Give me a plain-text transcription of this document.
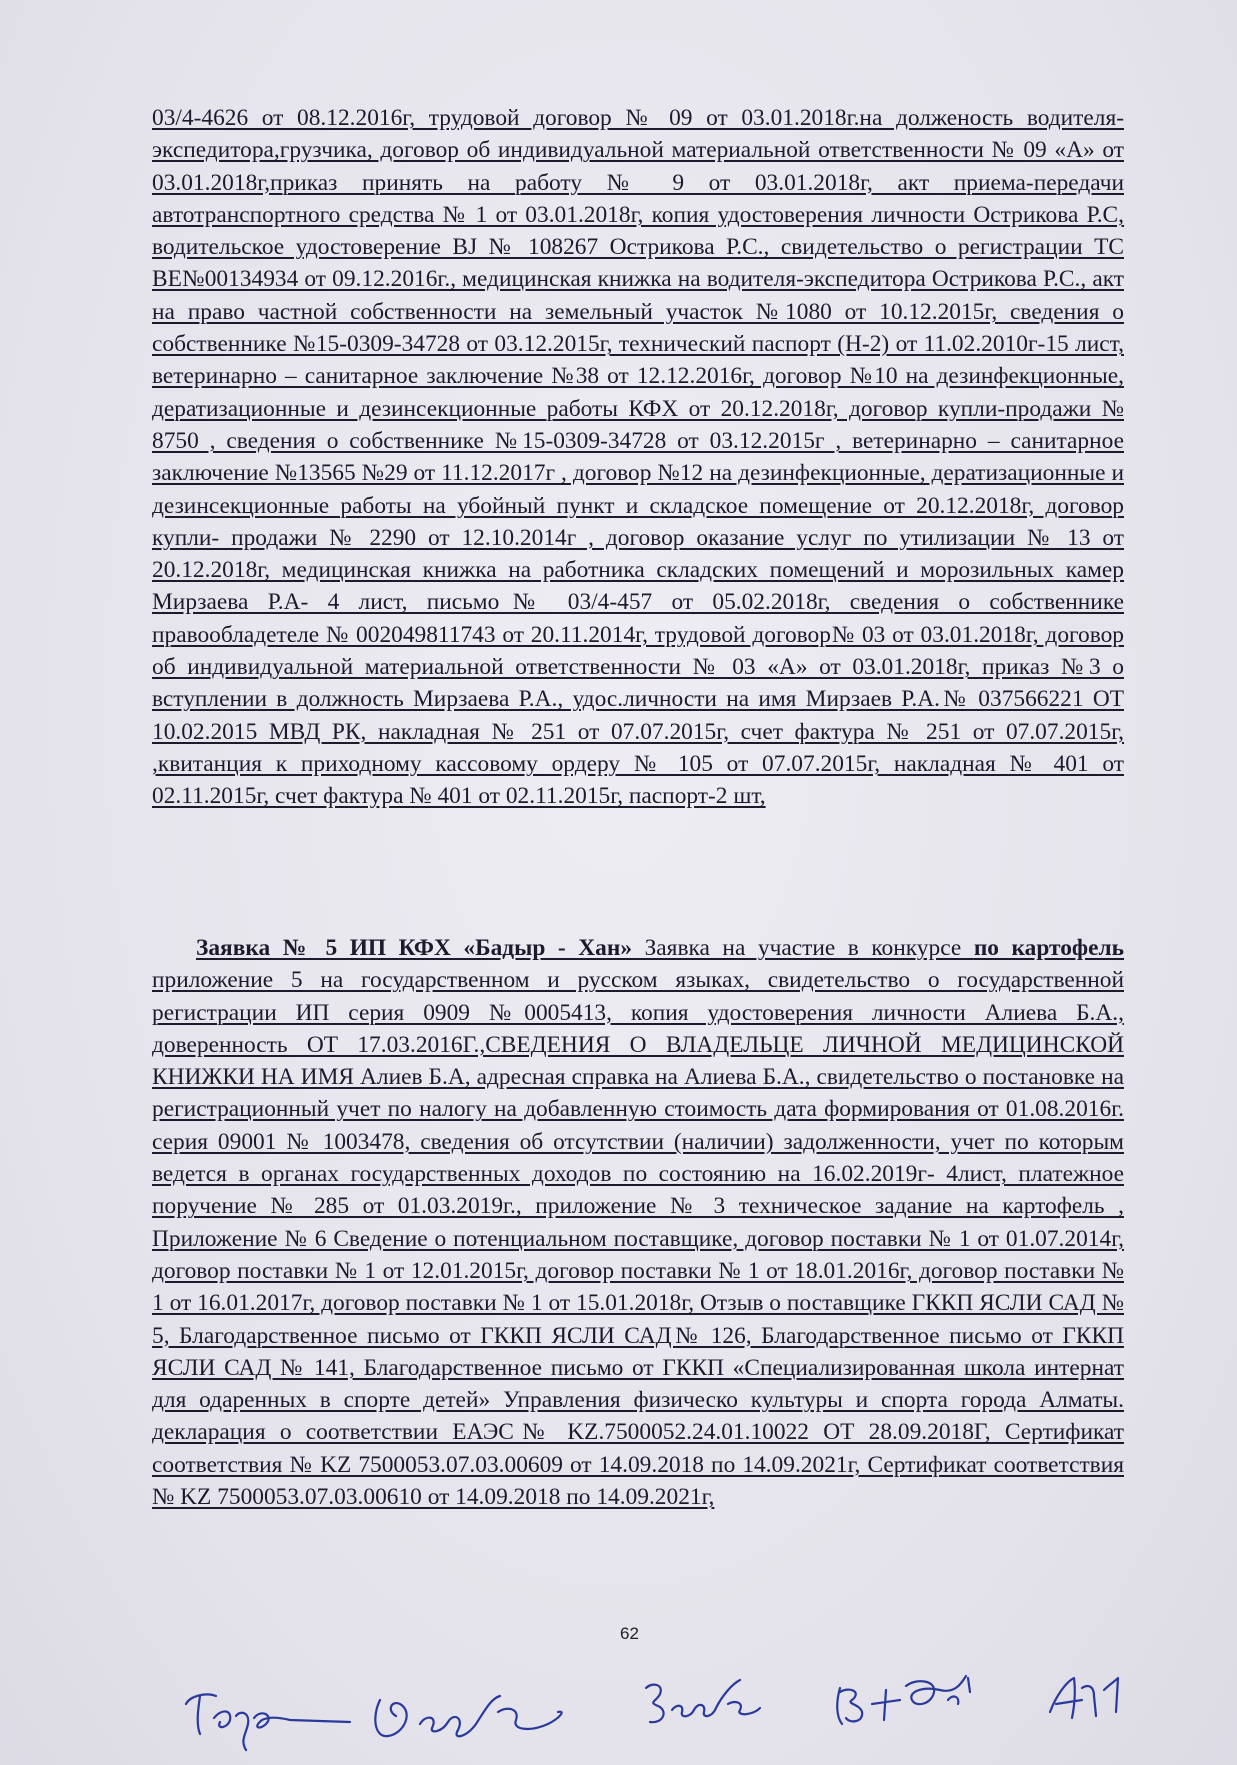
03/4-4626 от 08.12.2016г, трудовой договор № 09 от 03.01.2018г.на долженость водителя-экспедитора,грузчика, договор об индивидуальной материальной ответственности № 09 «А» от 03.01.2018г,приказ принять на работу № 9 от 03.01.2018г, акт приема-передачи автотранспортного средства № 1 от 03.01.2018г, копия удостоверения личности Острикова Р.С, водительское удостоверение BJ № 108267 Острикова Р.С., свидетельство о регистрации ТС ВЕ№00134934 от 09.12.2016г., медицинская книжка на водителя-экспедитора Острикова Р.С., акт на право частной собственности на земельный участок №1080 от 10.12.2015г, сведения о собственнике №15-0309-34728 от 03.12.2015г, технический паспорт (Н-2) от 11.02.2010г-15 лист, ветеринарно – санитарное заключение №38 от 12.12.2016г, договор №10 на дезинфекционные, дератизационные и дезинсекционные работы КФХ от 20.12.2018г, договор купли-продажи № 8750 , сведения о собственнике №15-0309-34728 от 03.12.2015г , ветеринарно – санитарное заключение №13565 №29 от 11.12.2017г , договор №12 на дезинфекционные, дератизационные и дезинсекционные работы на убойный пункт и складское помещение от 20.12.2018г, договор купли- продажи № 2290 от 12.10.2014г , договор оказание услуг по утилизации № 13 от 20.12.2018г, медицинская книжка на работника складских помещений и морозильных камер Мирзаева Р.А- 4 лист, письмо№ 03/4-457 от 05.02.2018г, сведения о собственнике правообладетеле № 002049811743 от 20.11.2014г, трудовой договор№ 03 от 03.01.2018г, договор об индивидуальной материальной ответственности № 03 «А» от 03.01.2018г, приказ №3 о вступлении в должность Мирзаева Р.А., удос.личности на имя Мирзаев Р.А.№ 037566221 ОТ 10.02.2015 МВД РК, накладная № 251 от 07.07.2015г, счет фактура № 251 от 07.07.2015г, ,квитанция к приходному кассовому ордеру № 105 от 07.07.2015г, накладная № 401 от 02.11.2015г, счет фактура № 401 от 02.11.2015г, паспорт-2 шт,
Заявка № 5 ИП КФХ «Бадыр - Хан» Заявка на участие в конкурсе по картофель приложение 5 на государственном и русском языках, свидетельство о государственной регистрации ИП серия 0909 №0005413, копия удостоверения личности Алиева Б.А., доверенность ОТ 17.03.2016Г.,СВЕДЕНИЯ О ВЛАДЕЛЬЦЕ ЛИЧНОЙ МЕДИЦИНСКОЙ КНИЖКИ НА ИМЯ Алиев Б.А, адресная справка на Алиева Б.А., свидетельство о постановке на регистрационный учет по налогу на добавленную стоимость дата формирования от 01.08.2016г. серия 09001 № 1003478, сведения об отсутствии (наличии) задолженности, учет по которым ведется в органах государственных доходов по состоянию на 16.02.2019г- 4лист, платежное поручение № 285 от 01.03.2019г., приложение № 3 техническое задание на картофель , Приложение № 6 Сведение о потенциальном поставщике, договор поставки № 1 от 01.07.2014г, договор поставки № 1 от 12.01.2015г, договор поставки № 1 от 18.01.2016г, договор поставки № 1 от 16.01.2017г, договор поставки № 1 от 15.01.2018г, Отзыв о поставщике ГККП ЯСЛИ САД № 5, Благодарственное письмо от ГККП ЯСЛИ САД№ 126, Благодарственное письмо от ГККП ЯСЛИ САД № 141, Благодарственное письмо от ГККП «Специализированная школа интернат для одаренных в спорте детей» Управления физическо культуры и спорта города Алматы. декларация о соответствии ЕАЭС№ KZ.7500052.24.01.10022 ОТ 28.09.2018Г, Сертификат соответствия № KZ 7500053.07.03.00609 от 14.09.2018 по 14.09.2021г, Сертификат соответствия № KZ 7500053.07.03.00610 от 14.09.2018 по 14.09.2021г,
62
